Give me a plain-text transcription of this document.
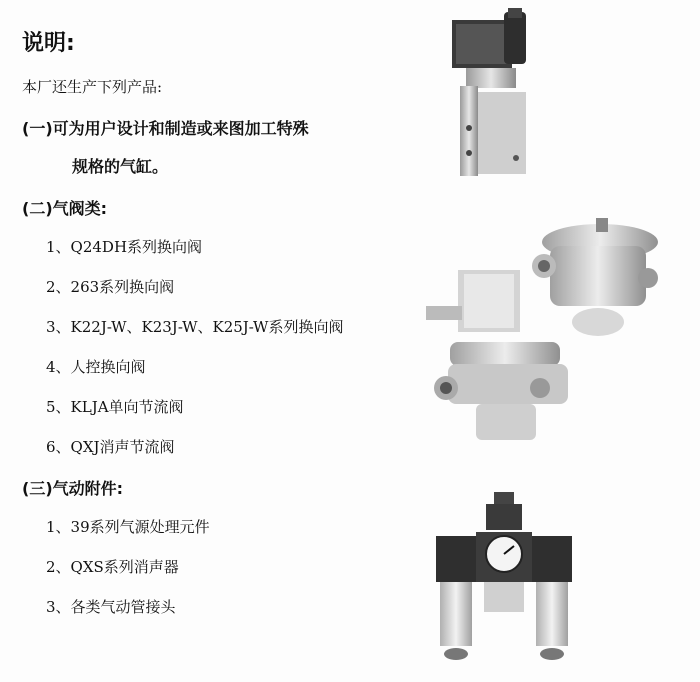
说明:
本厂还生产下列产品:
(一)可为用户设计和制造或来图加工特殊
规格的气缸。
(二)气阀类:
1、Q24DH系列换向阀
2、263系列换向阀
3、K22J-W、K23J-W、K25J-W系列换向阀
4、人控换向阀
5、KLJA单向节流阀
6、QXJ消声节流阀
(三)气动附件:
1、39系列气源处理元件
2、QXS系列消声器
3、各类气动管接头
